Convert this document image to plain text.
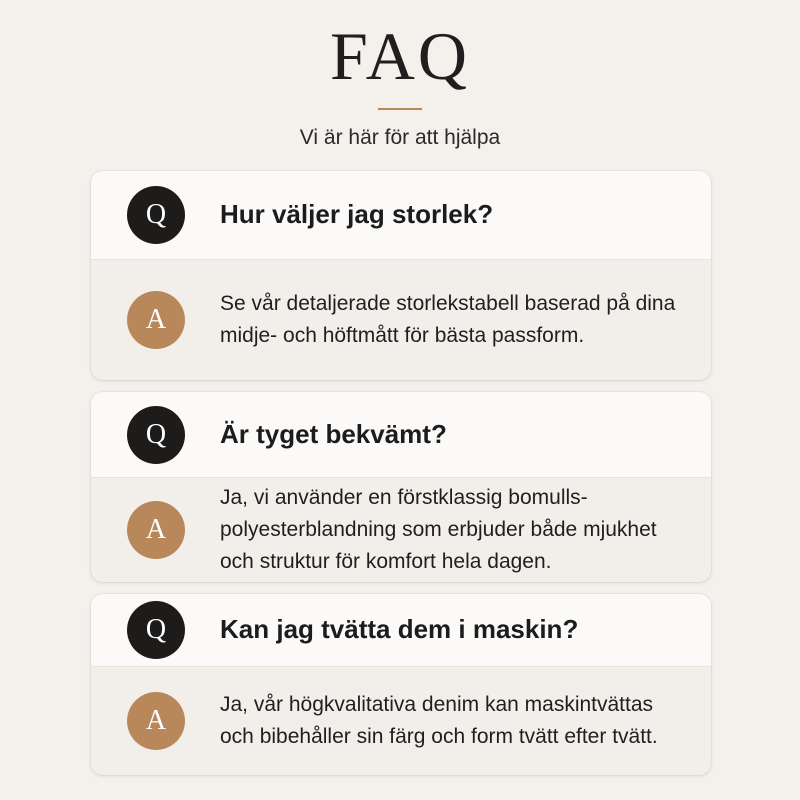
FAQ
Vi är här för att hjälpa
Q	Hur väljer jag storlek?
A
Se vår detaljerade storlekstabell baserad på dina midje- och höftmått för bästa passform.
Q	Är tyget bekvämt?
A
Ja, vi använder en förstklassig bomulls-polyesterblandning som erbjuder både mjukhet och struktur för komfort hela dagen.
Q	Kan jag tvätta dem i maskin?
A
Ja, vår högkvalitativa denim kan maskintvättas och bibehåller sin färg och form tvätt efter tvätt.
